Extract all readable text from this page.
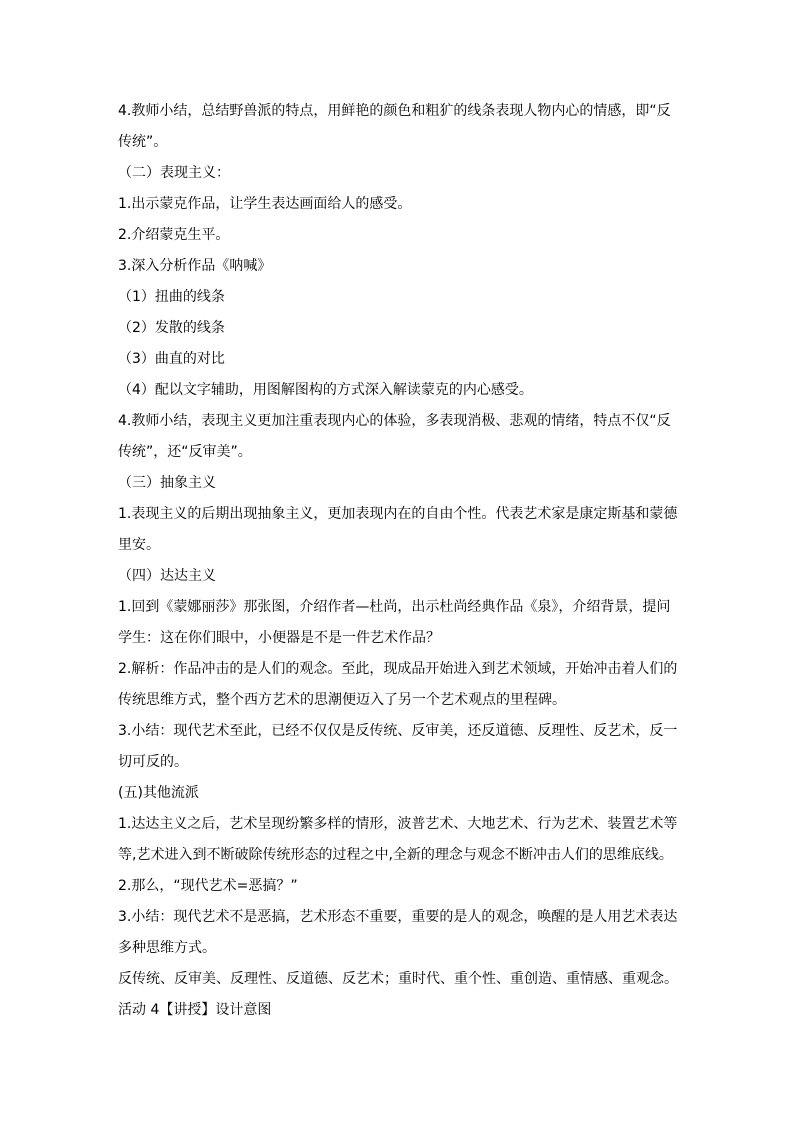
4.教师小结，总结野兽派的特点，用鲜艳的颜色和粗犷的线条表现人物内心的情感，即“反传统”。

（二）表现主义：

1.出示蒙克作品，让学生表达画面给人的感受。

2.介绍蒙克生平。

3.深入分析作品《呐喊》

（1）扭曲的线条

（2）发散的线条

（3）曲直的对比

（4）配以文字辅助，用图解图构的方式深入解读蒙克的内心感受。

4.教师小结，表现主义更加注重表现内心的体验，多表现消极、悲观的情绪，特点不仅“反传统”，还“反审美”。

（三）抽象主义

1.表现主义的后期出现抽象主义，更加表现内在的自由个性。代表艺术家是康定斯基和蒙德里安。

（四）达达主义

1.回到《蒙娜丽莎》那张图，介绍作者—杜尚，出示杜尚经典作品《泉》，介绍背景，提问学生：这在你们眼中，小便器是不是一件艺术作品？

2.解析：作品冲击的是人们的观念。至此，现成品开始进入到艺术领域，开始冲击着人们的传统思维方式，整个西方艺术的思潮便迈入了另一个艺术观点的里程碑。

3.小结：现代艺术至此，已经不仅仅是反传统、反审美，还反道德、反理性、反艺术，反一切可反的。

(五)其他流派

1.达达主义之后，艺术呈现纷繁多样的情形，波普艺术、大地艺术、行为艺术、装置艺术等等,艺术进入到不断破除传统形态的过程之中,全新的理念与观念不断冲击人们的思维底线。

2.那么，“现代艺术=恶搞？”

3.小结：现代艺术不是恶搞，艺术形态不重要，重要的是人的观念，唤醒的是人用艺术表达多种思维方式。

反传统、反审美、反理性、反道德、反艺术；重时代、重个性、重创造、重情感、重观念。

活动 4【讲授】设计意图
